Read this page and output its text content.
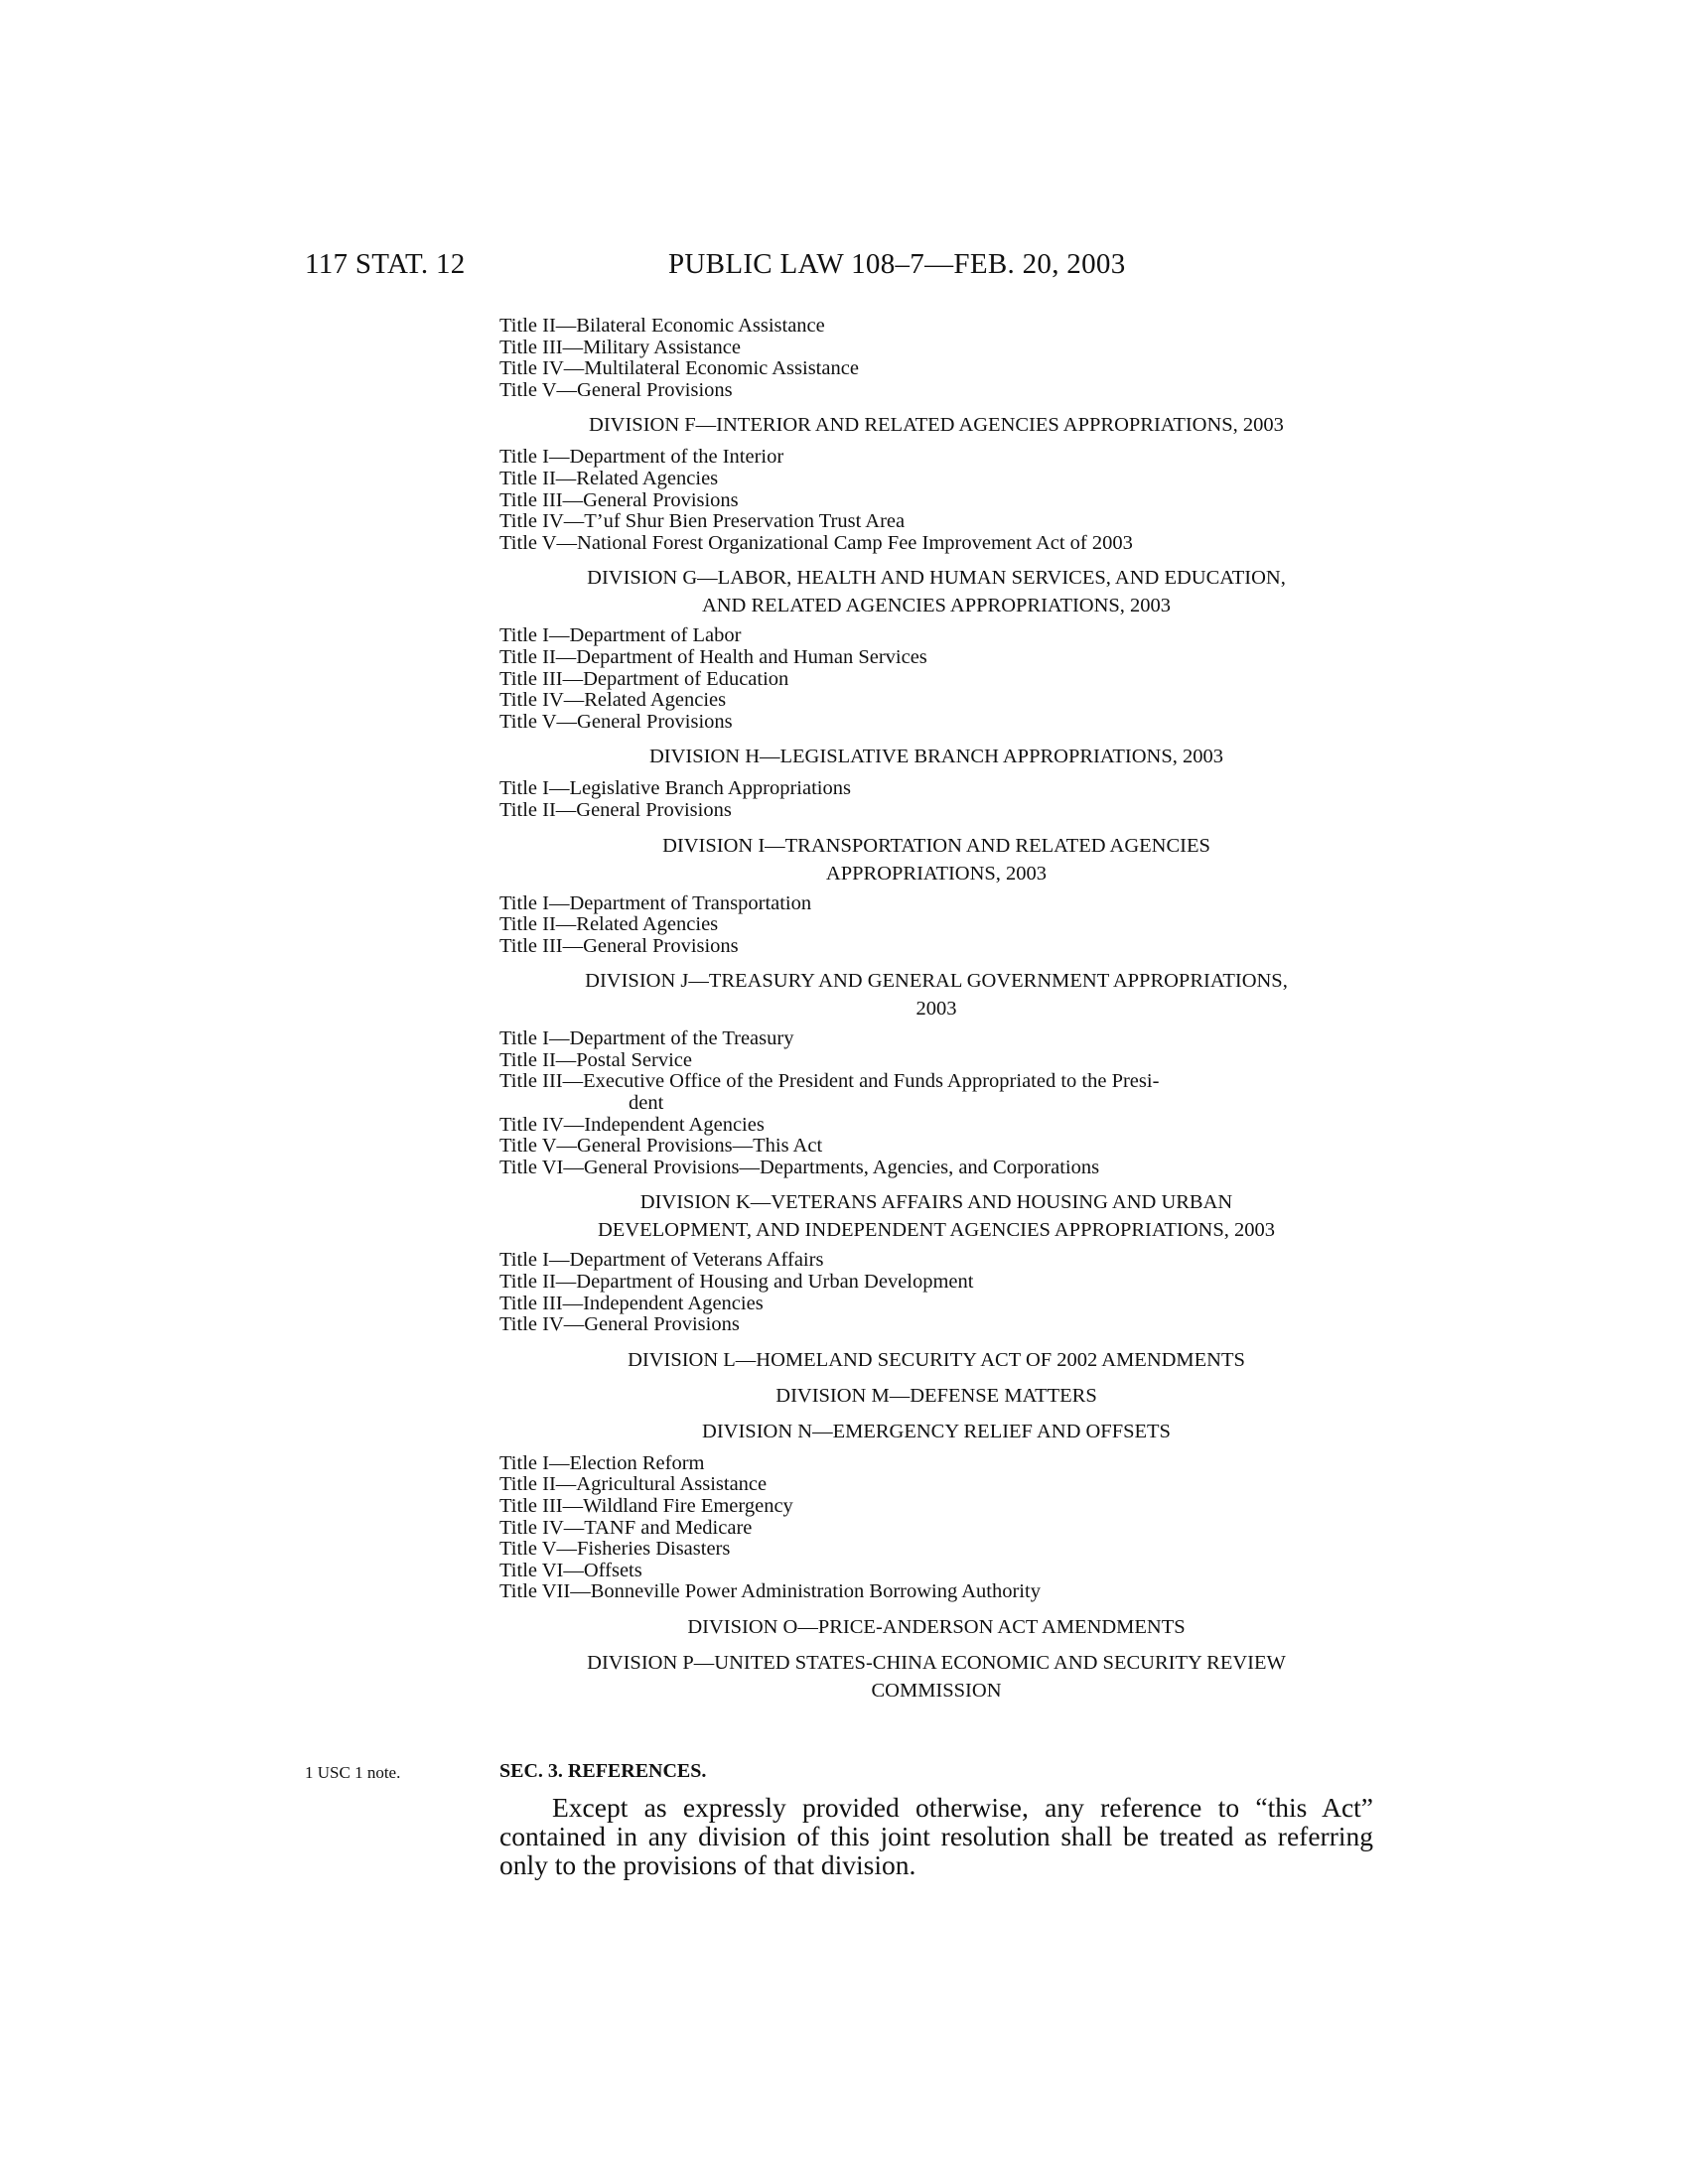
117 STAT. 12	PUBLIC LAW 108–7—FEB. 20, 2003
Title II—Bilateral Economic Assistance
Title III—Military Assistance
Title IV—Multilateral Economic Assistance
Title V—General Provisions
DIVISION F—INTERIOR AND RELATED AGENCIES APPROPRIATIONS, 2003
Title I—Department of the Interior
Title II—Related Agencies
Title III—General Provisions
Title IV—T’uf Shur Bien Preservation Trust Area
Title V—National Forest Organizational Camp Fee Improvement Act of 2003
DIVISION G—LABOR, HEALTH AND HUMAN SERVICES, AND EDUCATION,
AND RELATED AGENCIES APPROPRIATIONS, 2003
Title I—Department of Labor
Title II—Department of Health and Human Services
Title III—Department of Education
Title IV—Related Agencies
Title V—General Provisions
DIVISION H—LEGISLATIVE BRANCH APPROPRIATIONS, 2003
Title I—Legislative Branch Appropriations
Title II—General Provisions
DIVISION I—TRANSPORTATION AND RELATED AGENCIES
APPROPRIATIONS, 2003
Title I—Department of Transportation
Title II—Related Agencies
Title III—General Provisions
DIVISION J—TREASURY AND GENERAL GOVERNMENT APPROPRIATIONS,
2003
Title I—Department of the Treasury
Title II—Postal Service
Title III—Executive Office of the President and Funds Appropriated to the Presi-
dent
Title IV—Independent Agencies
Title V—General Provisions—This Act
Title VI—General Provisions—Departments, Agencies, and Corporations
DIVISION K—VETERANS AFFAIRS AND HOUSING AND URBAN
DEVELOPMENT, AND INDEPENDENT AGENCIES APPROPRIATIONS, 2003
Title I—Department of Veterans Affairs
Title II—Department of Housing and Urban Development
Title III—Independent Agencies
Title IV—General Provisions
DIVISION L—HOMELAND SECURITY ACT OF 2002 AMENDMENTS
DIVISION M—DEFENSE MATTERS
DIVISION N—EMERGENCY RELIEF AND OFFSETS
Title I—Election Reform
Title II—Agricultural Assistance
Title III—Wildland Fire Emergency
Title IV—TANF and Medicare
Title V—Fisheries Disasters
Title VI—Offsets
Title VII—Bonneville Power Administration Borrowing Authority
DIVISION O—PRICE-ANDERSON ACT AMENDMENTS
DIVISION P—UNITED STATES-CHINA ECONOMIC AND SECURITY REVIEW
COMMISSION
1 USC 1 note.	SEC. 3. REFERENCES.
Except as expressly provided otherwise, any reference to “this Act” contained in any division of this joint resolution shall be treated as referring only to the provisions of that division.
